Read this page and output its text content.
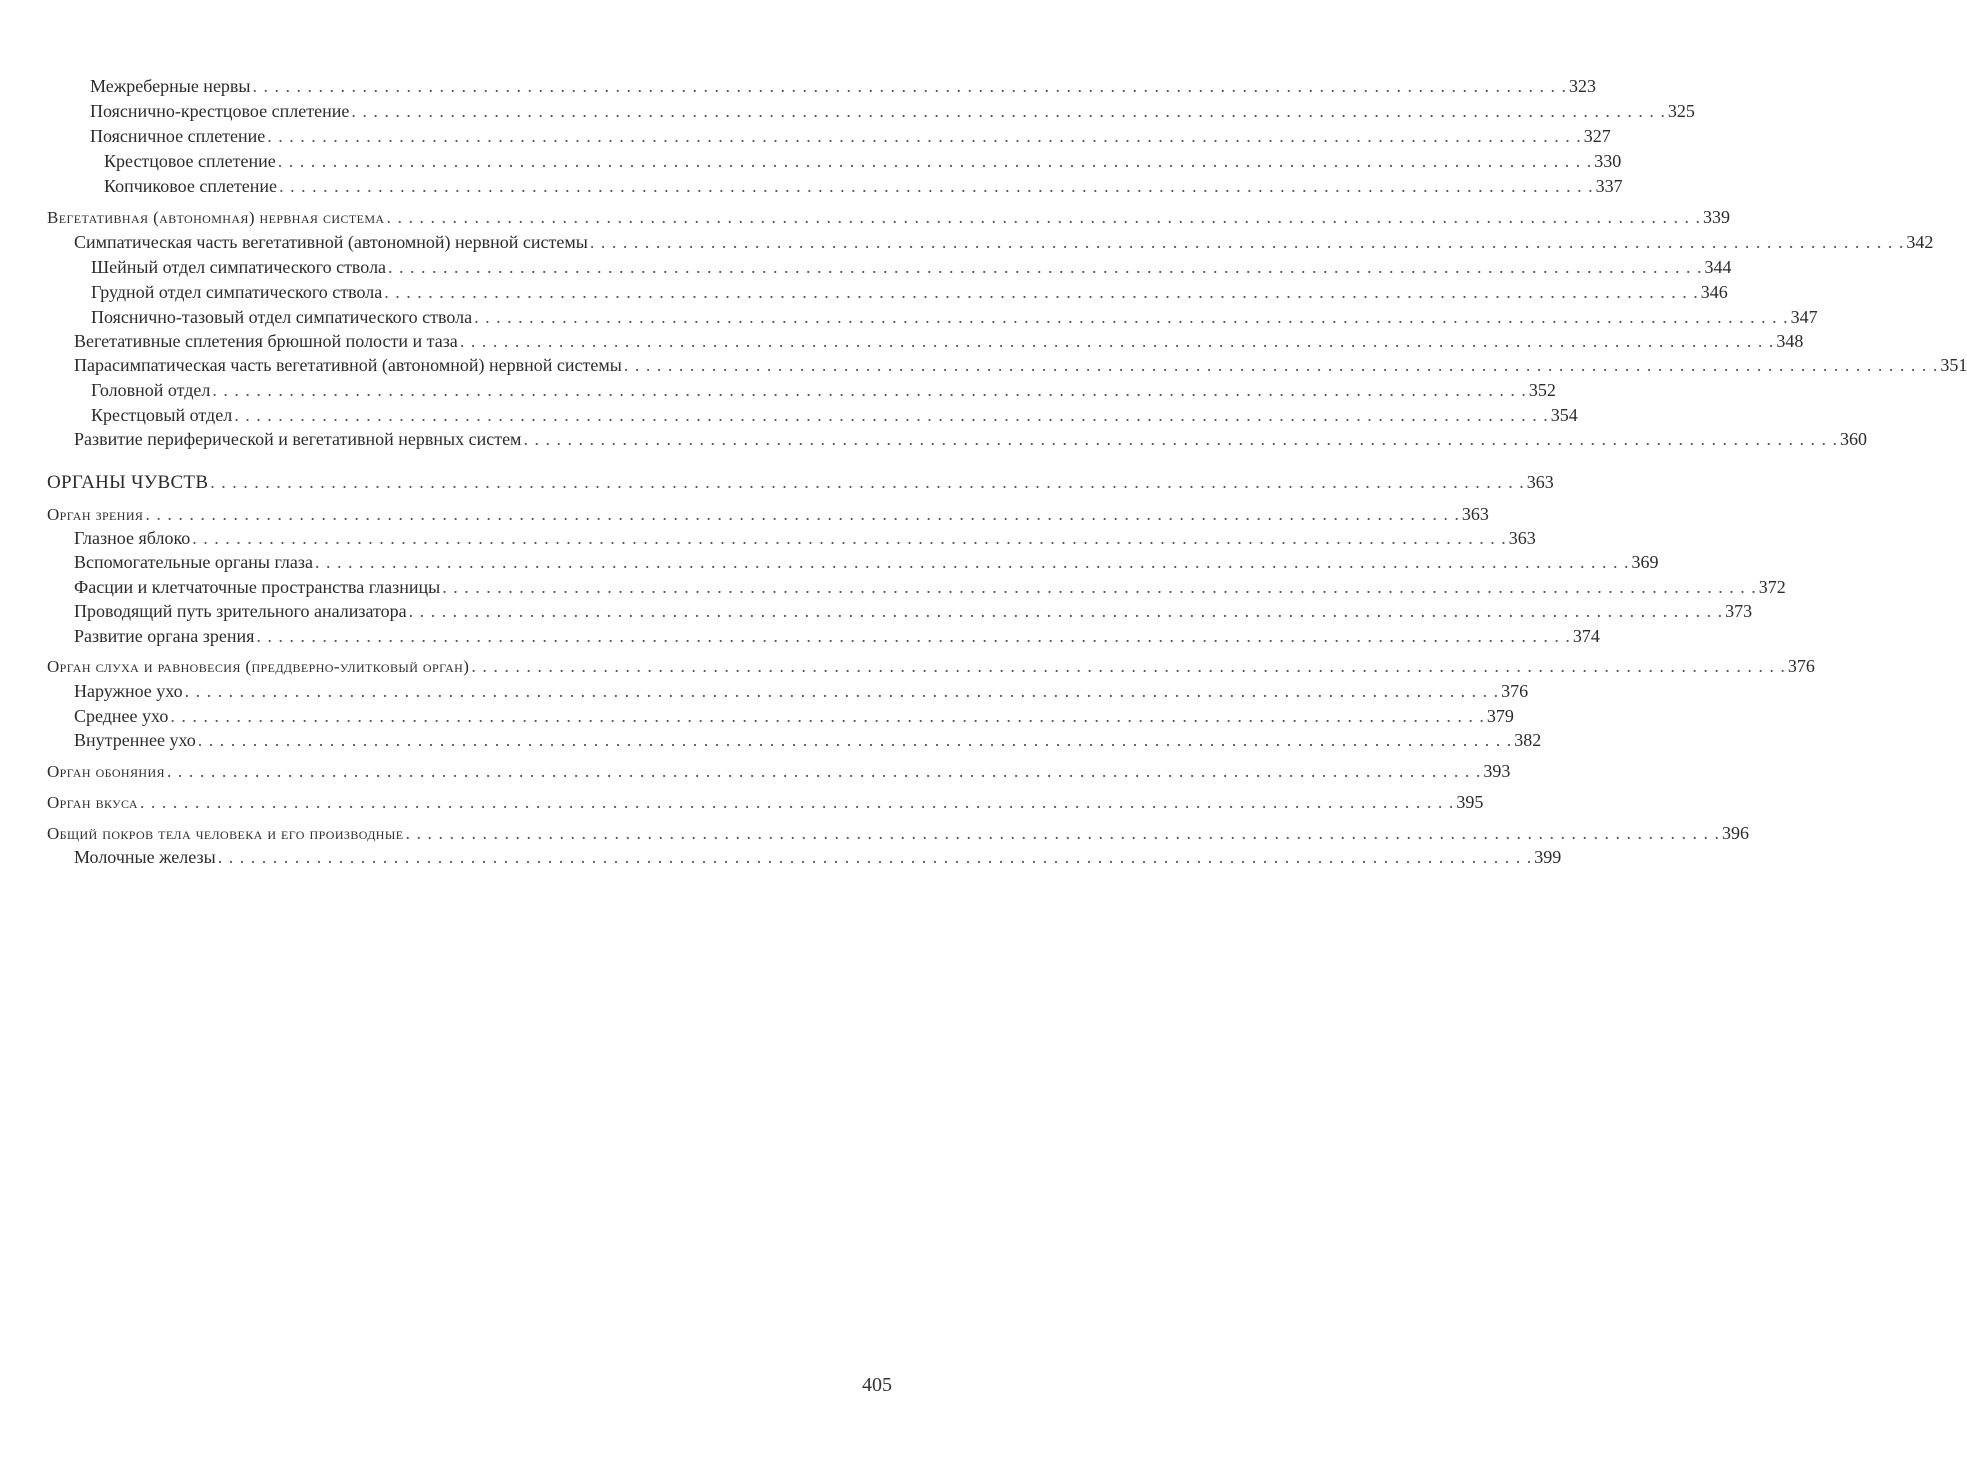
Межреберные нервы . . . . . . . . . . . . . . . . . . . . . . . . . . . . . . . . . . . . . . . . . . . . . . . . . . . . . . . . . . . . . . . . . . . . . . . . . . . . . . . . . . . . . . . . . . . . . . . . . . . . . . . . . . . . . . . . . . . . . . . . 323
Пояснично-крестцовое сплетение . . . . . . . . . . . . . . . . . . . . . . . . . . . . . . . . . . . . . . . . . . . . . . . . . . . . . . . . . . . . . . . . . . . . . . . . . . . . . . . . . . . . . . . . . . . . . . . . . . . . . . . . . . . . . . . . . . . . . . . . 325
Поясничное сплетение . . . . . . . . . . . . . . . . . . . . . . . . . . . . . . . . . . . . . . . . . . . . . . . . . . . . . . . . . . . . . . . . . . . . . . . . . . . . . . . . . . . . . . . . . . . . . . . . . . . . . . . . . . . . . . . . . . . . . . . . 327
Крестцовое сплетение . . . . . . . . . . . . . . . . . . . . . . . . . . . . . . . . . . . . . . . . . . . . . . . . . . . . . . . . . . . . . . . . . . . . . . . . . . . . . . . . . . . . . . . . . . . . . . . . . . . . . . . . . . . . . . . . . . . . . . . . 330
Копчиковое сплетение . . . . . . . . . . . . . . . . . . . . . . . . . . . . . . . . . . . . . . . . . . . . . . . . . . . . . . . . . . . . . . . . . . . . . . . . . . . . . . . . . . . . . . . . . . . . . . . . . . . . . . . . . . . . . . . . . . . . . . . . 337
Вегетативная (автономная) нервная система . . . . . . . . . . . . . . . . . . . . . . . . . . . . . . . . . . . . . . . . . . . . . . . . . . . . . . . . . . . . . . . . . . . . . . . . . . . . . . . . . . . . . . . . . . . . . . . . . . . . . . . . . . . . . . . . . . . . . . . . 339
Симпатическая часть вегетативной (автономной) нервной системы . . . . . . . . . . . . . . . . . . . . . . . . . . . . . . . . . . . . . . . . . . . . . . . . . . . . . . . . . . . . . . . . . . . . . . . . . . . . . . . . . . . . . . . . . . . . . . . . . . . . . . . . . . . . . . . . . . . . . . . . 342
Шейный отдел симпатического ствола . . . . . . . . . . . . . . . . . . . . . . . . . . . . . . . . . . . . . . . . . . . . . . . . . . . . . . . . . . . . . . . . . . . . . . . . . . . . . . . . . . . . . . . . . . . . . . . . . . . . . . . . . . . . . . . . . . . . . . . . 344
Грудной отдел симпатического ствола . . . . . . . . . . . . . . . . . . . . . . . . . . . . . . . . . . . . . . . . . . . . . . . . . . . . . . . . . . . . . . . . . . . . . . . . . . . . . . . . . . . . . . . . . . . . . . . . . . . . . . . . . . . . . . . . . . . . . . . . 346
Пояснично-тазовый отдел симпатического ствола . . . . . . . . . . . . . . . . . . . . . . . . . . . . . . . . . . . . . . . . . . . . . . . . . . . . . . . . . . . . . . . . . . . . . . . . . . . . . . . . . . . . . . . . . . . . . . . . . . . . . . . . . . . . . . . . . . . . . . . . 347
Вегетативные сплетения брюшной полости и таза . . . . . . . . . . . . . . . . . . . . . . . . . . . . . . . . . . . . . . . . . . . . . . . . . . . . . . . . . . . . . . . . . . . . . . . . . . . . . . . . . . . . . . . . . . . . . . . . . . . . . . . . . . . . . . . . . . . . . . . . 348
Парасимпатическая часть вегетативной (автономной) нервной системы . . . . . . . . . . . . . . . . . . . . . . . . . . . . . . . . . . . . . . . . . . . . . . . . . . . . . . . . . . . . . . . . . . . . . . . . . . . . . . . . . . . . . . . . . . . . . . . . . . . . . . . . . . . . . . . . . . . . . . . . 351
Головной отдел . . . . . . . . . . . . . . . . . . . . . . . . . . . . . . . . . . . . . . . . . . . . . . . . . . . . . . . . . . . . . . . . . . . . . . . . . . . . . . . . . . . . . . . . . . . . . . . . . . . . . . . . . . . . . . . . . . . . . . . . 352
Крестцовый отдел . . . . . . . . . . . . . . . . . . . . . . . . . . . . . . . . . . . . . . . . . . . . . . . . . . . . . . . . . . . . . . . . . . . . . . . . . . . . . . . . . . . . . . . . . . . . . . . . . . . . . . . . . . . . . . . . . . . . . . . . 354
Развитие периферической и вегетативной нервных систем . . . . . . . . . . . . . . . . . . . . . . . . . . . . . . . . . . . . . . . . . . . . . . . . . . . . . . . . . . . . . . . . . . . . . . . . . . . . . . . . . . . . . . . . . . . . . . . . . . . . . . . . . . . . . . . . . . . . . . . . 360
ОРГАНЫ ЧУВСТВ . . . . . . . . . . . . . . . . . . . . . . . . . . . . . . . . . . . . . . . . . . . . . . . . . . . . . . . . . . . . . . . . . . . . . . . . . . . . . . . . . . . . . . . . . . . . . . . . . . . . . . . . . . . . . . . . . . . . . . . . 363
Орган зрения . . . . . . . . . . . . . . . . . . . . . . . . . . . . . . . . . . . . . . . . . . . . . . . . . . . . . . . . . . . . . . . . . . . . . . . . . . . . . . . . . . . . . . . . . . . . . . . . . . . . . . . . . . . . . . . . . . . . . . . . 363
Глазное яблоко . . . . . . . . . . . . . . . . . . . . . . . . . . . . . . . . . . . . . . . . . . . . . . . . . . . . . . . . . . . . . . . . . . . . . . . . . . . . . . . . . . . . . . . . . . . . . . . . . . . . . . . . . . . . . . . . . . . . . . . . 363
Вспомогательные органы глаза . . . . . . . . . . . . . . . . . . . . . . . . . . . . . . . . . . . . . . . . . . . . . . . . . . . . . . . . . . . . . . . . . . . . . . . . . . . . . . . . . . . . . . . . . . . . . . . . . . . . . . . . . . . . . . . . . . . . . . . . 369
Фасции и клетчаточные пространства глазницы . . . . . . . . . . . . . . . . . . . . . . . . . . . . . . . . . . . . . . . . . . . . . . . . . . . . . . . . . . . . . . . . . . . . . . . . . . . . . . . . . . . . . . . . . . . . . . . . . . . . . . . . . . . . . . . . . . . . . . . . 372
Проводящий путь зрительного анализатора . . . . . . . . . . . . . . . . . . . . . . . . . . . . . . . . . . . . . . . . . . . . . . . . . . . . . . . . . . . . . . . . . . . . . . . . . . . . . . . . . . . . . . . . . . . . . . . . . . . . . . . . . . . . . . . . . . . . . . . . 373
Развитие органа зрения . . . . . . . . . . . . . . . . . . . . . . . . . . . . . . . . . . . . . . . . . . . . . . . . . . . . . . . . . . . . . . . . . . . . . . . . . . . . . . . . . . . . . . . . . . . . . . . . . . . . . . . . . . . . . . . . . . . . . . . . 374
Орган слуха и равновесия (преддверно-улитковый орган) . . . . . . . . . . . . . . . . . . . . . . . . . . . . . . . . . . . . . . . . . . . . . . . . . . . . . . . . . . . . . . . . . . . . . . . . . . . . . . . . . . . . . . . . . . . . . . . . . . . . . . . . . . . . . . . . . . . . . . . . 376
Наружное ухо . . . . . . . . . . . . . . . . . . . . . . . . . . . . . . . . . . . . . . . . . . . . . . . . . . . . . . . . . . . . . . . . . . . . . . . . . . . . . . . . . . . . . . . . . . . . . . . . . . . . . . . . . . . . . . . . . . . . . . . . 376
Среднее ухо . . . . . . . . . . . . . . . . . . . . . . . . . . . . . . . . . . . . . . . . . . . . . . . . . . . . . . . . . . . . . . . . . . . . . . . . . . . . . . . . . . . . . . . . . . . . . . . . . . . . . . . . . . . . . . . . . . . . . . . . 379
Внутреннее ухо . . . . . . . . . . . . . . . . . . . . . . . . . . . . . . . . . . . . . . . . . . . . . . . . . . . . . . . . . . . . . . . . . . . . . . . . . . . . . . . . . . . . . . . . . . . . . . . . . . . . . . . . . . . . . . . . . . . . . . . . 382
Орган обоняния . . . . . . . . . . . . . . . . . . . . . . . . . . . . . . . . . . . . . . . . . . . . . . . . . . . . . . . . . . . . . . . . . . . . . . . . . . . . . . . . . . . . . . . . . . . . . . . . . . . . . . . . . . . . . . . . . . . . . . . . 393
Орган вкуса . . . . . . . . . . . . . . . . . . . . . . . . . . . . . . . . . . . . . . . . . . . . . . . . . . . . . . . . . . . . . . . . . . . . . . . . . . . . . . . . . . . . . . . . . . . . . . . . . . . . . . . . . . . . . . . . . . . . . . . . 395
Общий покров тела человека и его производные . . . . . . . . . . . . . . . . . . . . . . . . . . . . . . . . . . . . . . . . . . . . . . . . . . . . . . . . . . . . . . . . . . . . . . . . . . . . . . . . . . . . . . . . . . . . . . . . . . . . . . . . . . . . . . . . . . . . . . . . 396
Молочные железы . . . . . . . . . . . . . . . . . . . . . . . . . . . . . . . . . . . . . . . . . . . . . . . . . . . . . . . . . . . . . . . . . . . . . . . . . . . . . . . . . . . . . . . . . . . . . . . . . . . . . . . . . . . . . . . . . . . . . . . . 399
405
